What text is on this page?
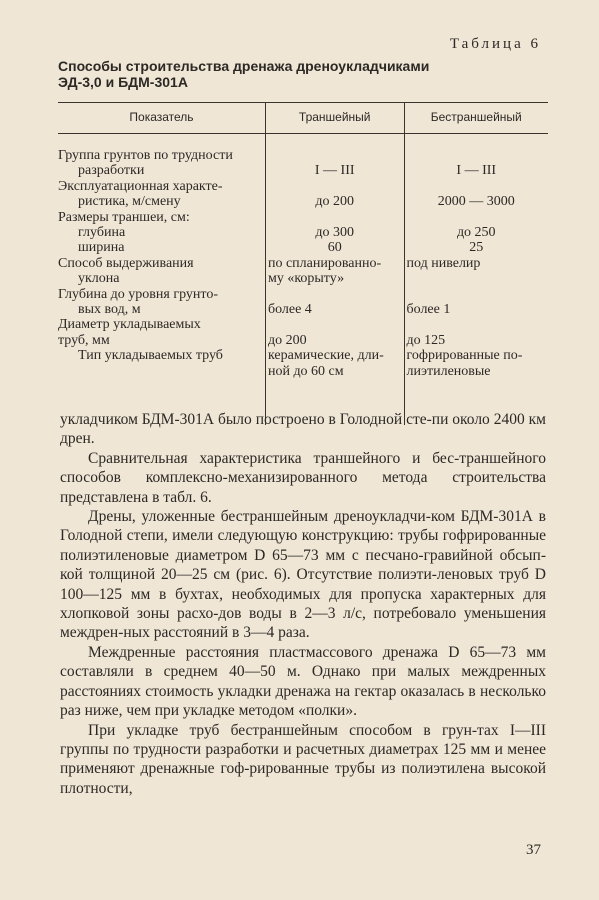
Таблица 6
Способы строительства дренажа дреноукладчиками
ЭД-3,0 и БДМ-301А
Показатель	Траншейный	Бестраншейный

Группа грунтов по трудности		
разработки	I — III	I — III
Эксплуатационная характе-		
ристика, м/смену	до 200	2000 — 3000
Размеры траншеи, см:		
глубина	до 300	до 250
ширина	60	25
Способ выдерживания	по спланированно-	под нивелир
уклона	му «корыту»	
Глубина до уровня грунто-		
вых вод, м	более 4	более 1
Диаметр укладываемых		
труб, мм	до 200	до 125
Тип укладываемых труб	керамические, дли-	гофрированные по-
	ной до 60 см	лиэтиленовые

укладчиком БДМ-301А было построено в Голодной сте-пи около 2400 км дрен.

Сравнительная характеристика траншейного и бес-траншейного способов комплексно-механизированного метода строительства представлена в табл. 6.

Дрены, уложенные бестраншейным дреноукладчи-ком БДМ-301А в Голодной степи, имели следующую конструкцию: трубы гофрированные полиэтиленовые диаметром D 65—73 мм с песчано-гравийной обсып-кой толщиной 20—25 см (рис. 6). Отсутствие полиэти-леновых труб D 100—125 мм в бухтах, необходимых для пропуска характерных для хлопковой зоны расхо-дов воды в 2—3 л/с, потребовало уменьшения междрен-ных расстояний в 3—4 раза.

Междренные расстояния пластмассового дренажа D 65—73 мм составляли в среднем 40—50 м. Однако при малых междренных расстояниях стоимость укладки дренажа на гектар оказалась в несколько раз ниже, чем при укладке методом «полки».

При укладке труб бестраншейным способом в грун-тах I—III группы по трудности разработки и расчетных диаметрах 125 мм и менее применяют дренажные гоф-рированные трубы из полиэтилена высокой плотности,

37
